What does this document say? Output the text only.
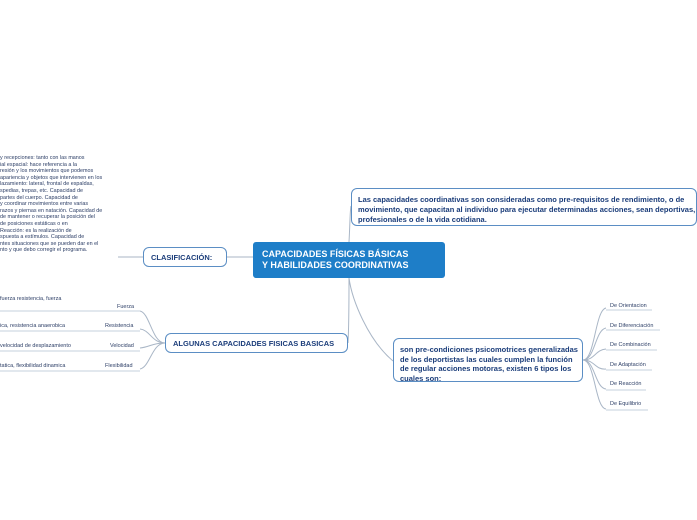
CAPACIDADES FÍSICAS BÁSICAS
Y HABILIDADES COORDINATIVAS
CLASIFICACIÓN:
y recepciones: tanto con las manos
ial espacial: hace referencia a la
resión y los movimientos que podemos
apariencia y objetos que intervienen en los
lazamiento: lateral, frontal de espaldas,
spedias, trepas, etc. Capacidad de
partes del cuerpo. Capacidad de
y coordinar movimientos entre varias
razos y piernas en natación. Capacidad de
de mantener o recuperar la posición del
de posiciones estáticas o en
Reacción: es la realización de
spuesta a estímulos. Capacidad de
ntes situaciones que se pueden dar en el
nto y que debo corregir el programa.
Las capacidades coordinativas son consideradas como pre-requisitos de rendimiento, o de movimiento, que capacitan al individuo para ejecutar determinadas acciones, sean deportivas, profesionales o de la vida cotidiana.
ALGUNAS CAPACIDADES FISICAS BASICAS
fuerza resistencia, fuerza
Fuerza
ica, resistencia anaerobica	Resistencia
velocidad de desplazamiento	Velocidad
tatica, flexibilidad dinamica	Flexibilidad
son pre-condiciones psicomotrices generalizadas de los deportistas las cuales cumplen la función de regular acciones motoras, existen 6 tipos los cuales son:
De Orientacion
De Diferenciación
De Combinación
De Adaptación
De Reacción
De Equilibrio
